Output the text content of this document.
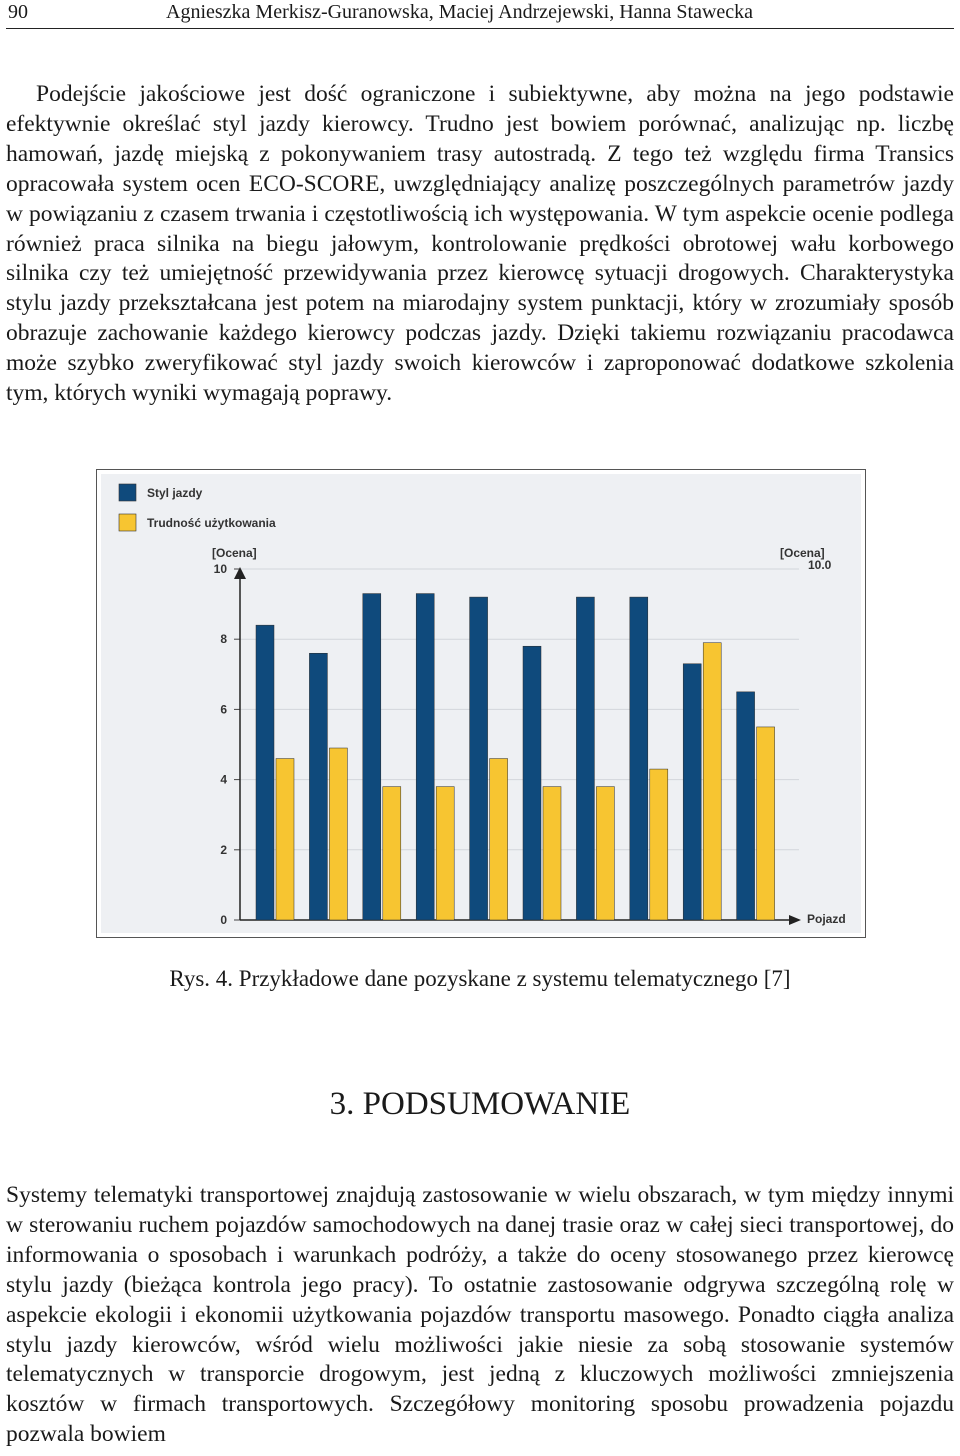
90	Agnieszka Merkisz-Guranowska, Maciej Andrzejewski, Hanna Stawecka

Podejście jakościowe jest dość ograniczone i subiektywne, aby można na jego podstawie efektywnie określać styl jazdy kierowcy. Trudno jest bowiem porównać, analizując np. liczbę hamowań, jazdę miejską z pokonywaniem trasy autostradą. Z tego też względu firma Transics opracowała system ocen ECO-SCORE, uwzględniający analizę poszczególnych parametrów jazdy w powiązaniu z czasem trwania i częstotliwością ich występowania. W tym aspekcie ocenie podlega również praca silnika na biegu jałowym, kontrolowanie prędkości obrotowej wału korbowego silnika czy też umiejętność przewidywania przez kierowcę sytuacji drogowych. Charakterystyka stylu jazdy przekształcana jest potem na miarodajny system punktacji, który w zrozumiały sposób obrazuje zachowanie każdego kierowcy podczas jazdy. Dzięki takiemu rozwiązaniu pracodawca może szybko zweryfikować styl jazdy swoich kierowców i zaproponować dodatkowe szkolenia tym, których wyniki wymagają poprawy.

Styl jazdy
Trudność użytkowania
0
2
4
6
8
10
[Ocena]	[Ocena]
10.0
Pojazd
Rys. 4. Przykładowe dane pozyskane z systemu telematycznego [7]
3. PODSUMOWANIE

Systemy telematyki transportowej znajdują zastosowanie w wielu obszarach, w tym między innymi w sterowaniu ruchem pojazdów samochodowych na danej trasie oraz w całej sieci transportowej, do informowania o sposobach i warunkach podróży, a także do oceny stosowanego przez kierowcę stylu jazdy (bieżąca kontrola jego pracy). To ostatnie zastosowanie odgrywa szczególną rolę w aspekcie ekologii i ekonomii użytkowania pojazdów transportu masowego. Ponadto ciągła analiza stylu jazdy kierowców, wśród wielu możliwości jakie niesie za sobą stosowanie systemów telematycznych w transporcie drogowym, jest jedną z kluczowych możliwości zmniejszenia kosztów w firmach transportowych. Szczegółowy monitoring sposobu prowadzenia pojazdu pozwala bowiem
